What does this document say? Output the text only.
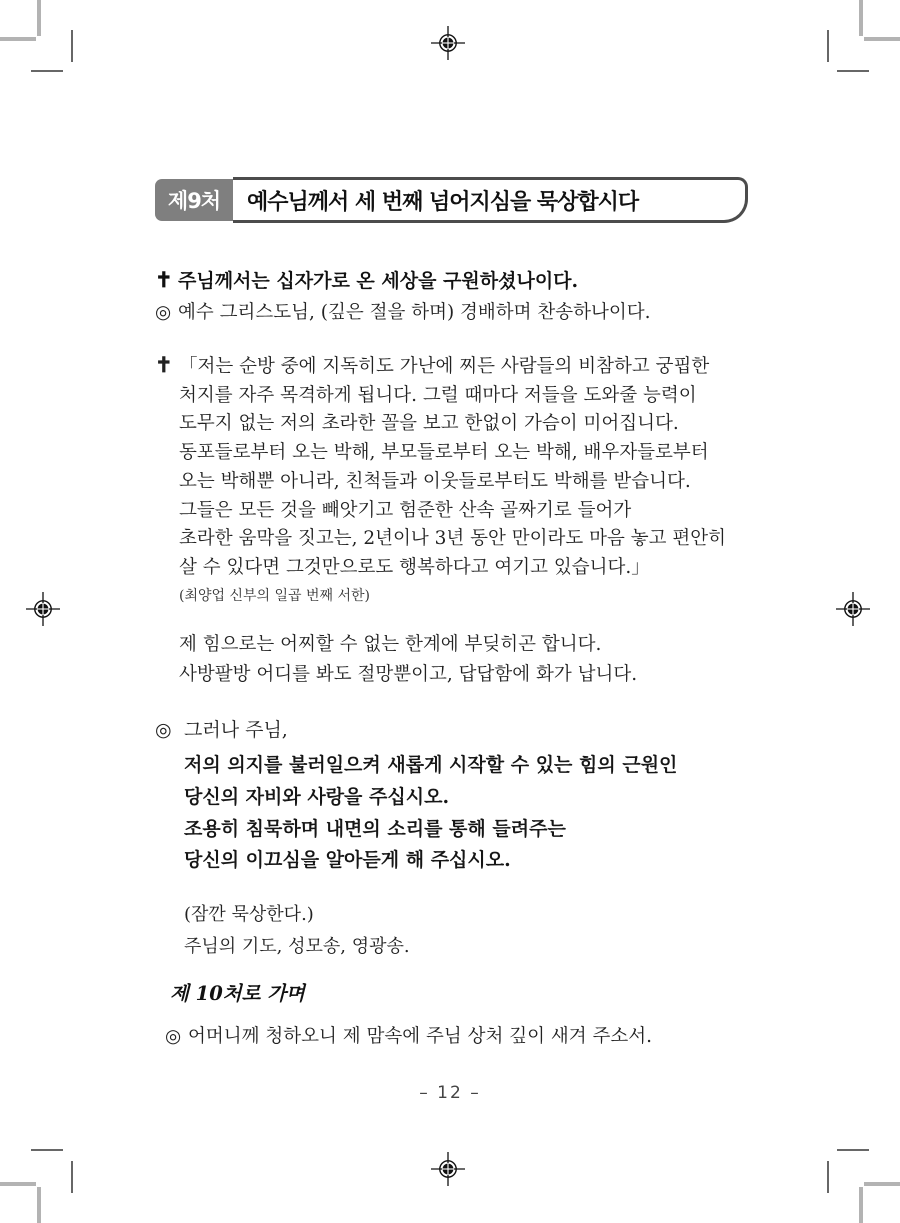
제9처	예수님께서 세 번째 넘어지심을 묵상합시다
✝ 주님께서는 십자가로 온 세상을 구원하셨나이다.
◎ 예수 그리스도님, (깊은 절을 하며) 경배하며 찬송하나이다.
✝ 「저는 순방 중에 지독히도 가난에 찌든 사람들의 비참하고 궁핍한
처지를 자주 목격하게 됩니다. 그럴 때마다 저들을 도와줄 능력이
도무지 없는 저의 초라한 꼴을 보고 한없이 가슴이 미어집니다.
동포들로부터 오는 박해, 부모들로부터 오는 박해, 배우자들로부터
오는 박해뿐 아니라, 친척들과 이웃들로부터도 박해를 받습니다.
그들은 모든 것을 빼앗기고 험준한 산속 골짜기로 들어가
초라한 움막을 짓고는, 2년이나 3년 동안 만이라도 마음 놓고 편안히
살 수 있다면 그것만으로도 행복하다고 여기고 있습니다.」
(최양업 신부의 일곱 번째 서한)
제 힘으로는 어찌할 수 없는 한계에 부딪히곤 합니다.
사방팔방 어디를 봐도 절망뿐이고, 답답함에 화가 납니다.
◎ 그러나 주님,
저의 의지를 불러일으켜 새롭게 시작할 수 있는 힘의 근원인
당신의 자비와 사랑을 주십시오.
조용히 침묵하며 내면의 소리를 통해 들려주는
당신의 이끄심을 알아듣게 해 주십시오.
(잠깐 묵상한다.)
주님의 기도, 성모송, 영광송.
제 10처로 가며
◎ 어머니께 청하오니 제 맘속에 주님 상처 깊이 새겨 주소서.
– 12 –
